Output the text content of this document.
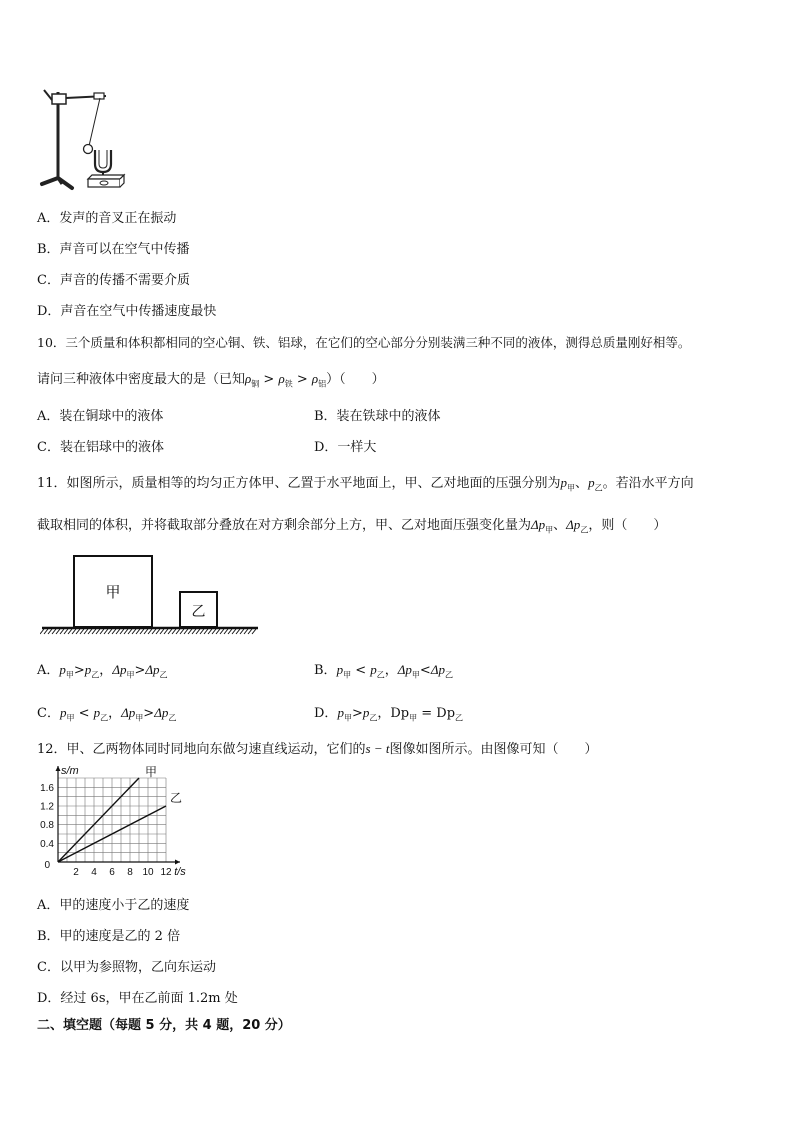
A．发声的音叉正在振动
B．声音可以在空气中传播
C．声音的传播不需要介质
D．声音在空气中传播速度最快
10．三个质量和体积都相同的空心铜、铁、铝球，在它们的空心部分分别装满三种不同的液体，测得总质量刚好相等。
请问三种液体中密度最大的是（已知$\rho_铜 > \rho_铁 > \rho_铝$）（　　）
A．装在铜球中的液体	B．装在铁球中的液体
C．装在铝球中的液体	D．一样大
11．如图所示，质量相等的均匀正方体甲、乙置于水平地面上，甲、乙对地面的压强分别为$p_甲$、$p_乙$。若沿水平方向
截取相同的体积，并将截取部分叠放在对方剩余部分上方，甲、乙对地面压强变化量为$\Delta p_甲$、$\Delta p_乙$，则（　　）
甲
乙
A．$p_甲>p_乙$，$\Delta p_甲>\Delta p_乙$	B．$p_甲 < p_乙$，$\Delta p_甲<\Delta p_乙$
C．$p_甲 < p_乙$，$\Delta p_甲>\Delta p_乙$	D．$p_甲>p_乙$，$Dp_甲 = Dp_乙$
12．甲、乙两物体同时同地向东做匀速直线运动，它们的s − t图像如图所示。由图像可知（　　）
0.4
0.8
1.2
1.6
2 4 6 8 10 12
0
s/m
t/s
甲
乙
A．甲的速度小于乙的速度
B．甲的速度是乙的 2 倍
C．以甲为参照物，乙向东运动
D．经过 6s，甲在乙前面 1.2m 处
二、填空题（每题 5 分，共 4 题，20 分）
